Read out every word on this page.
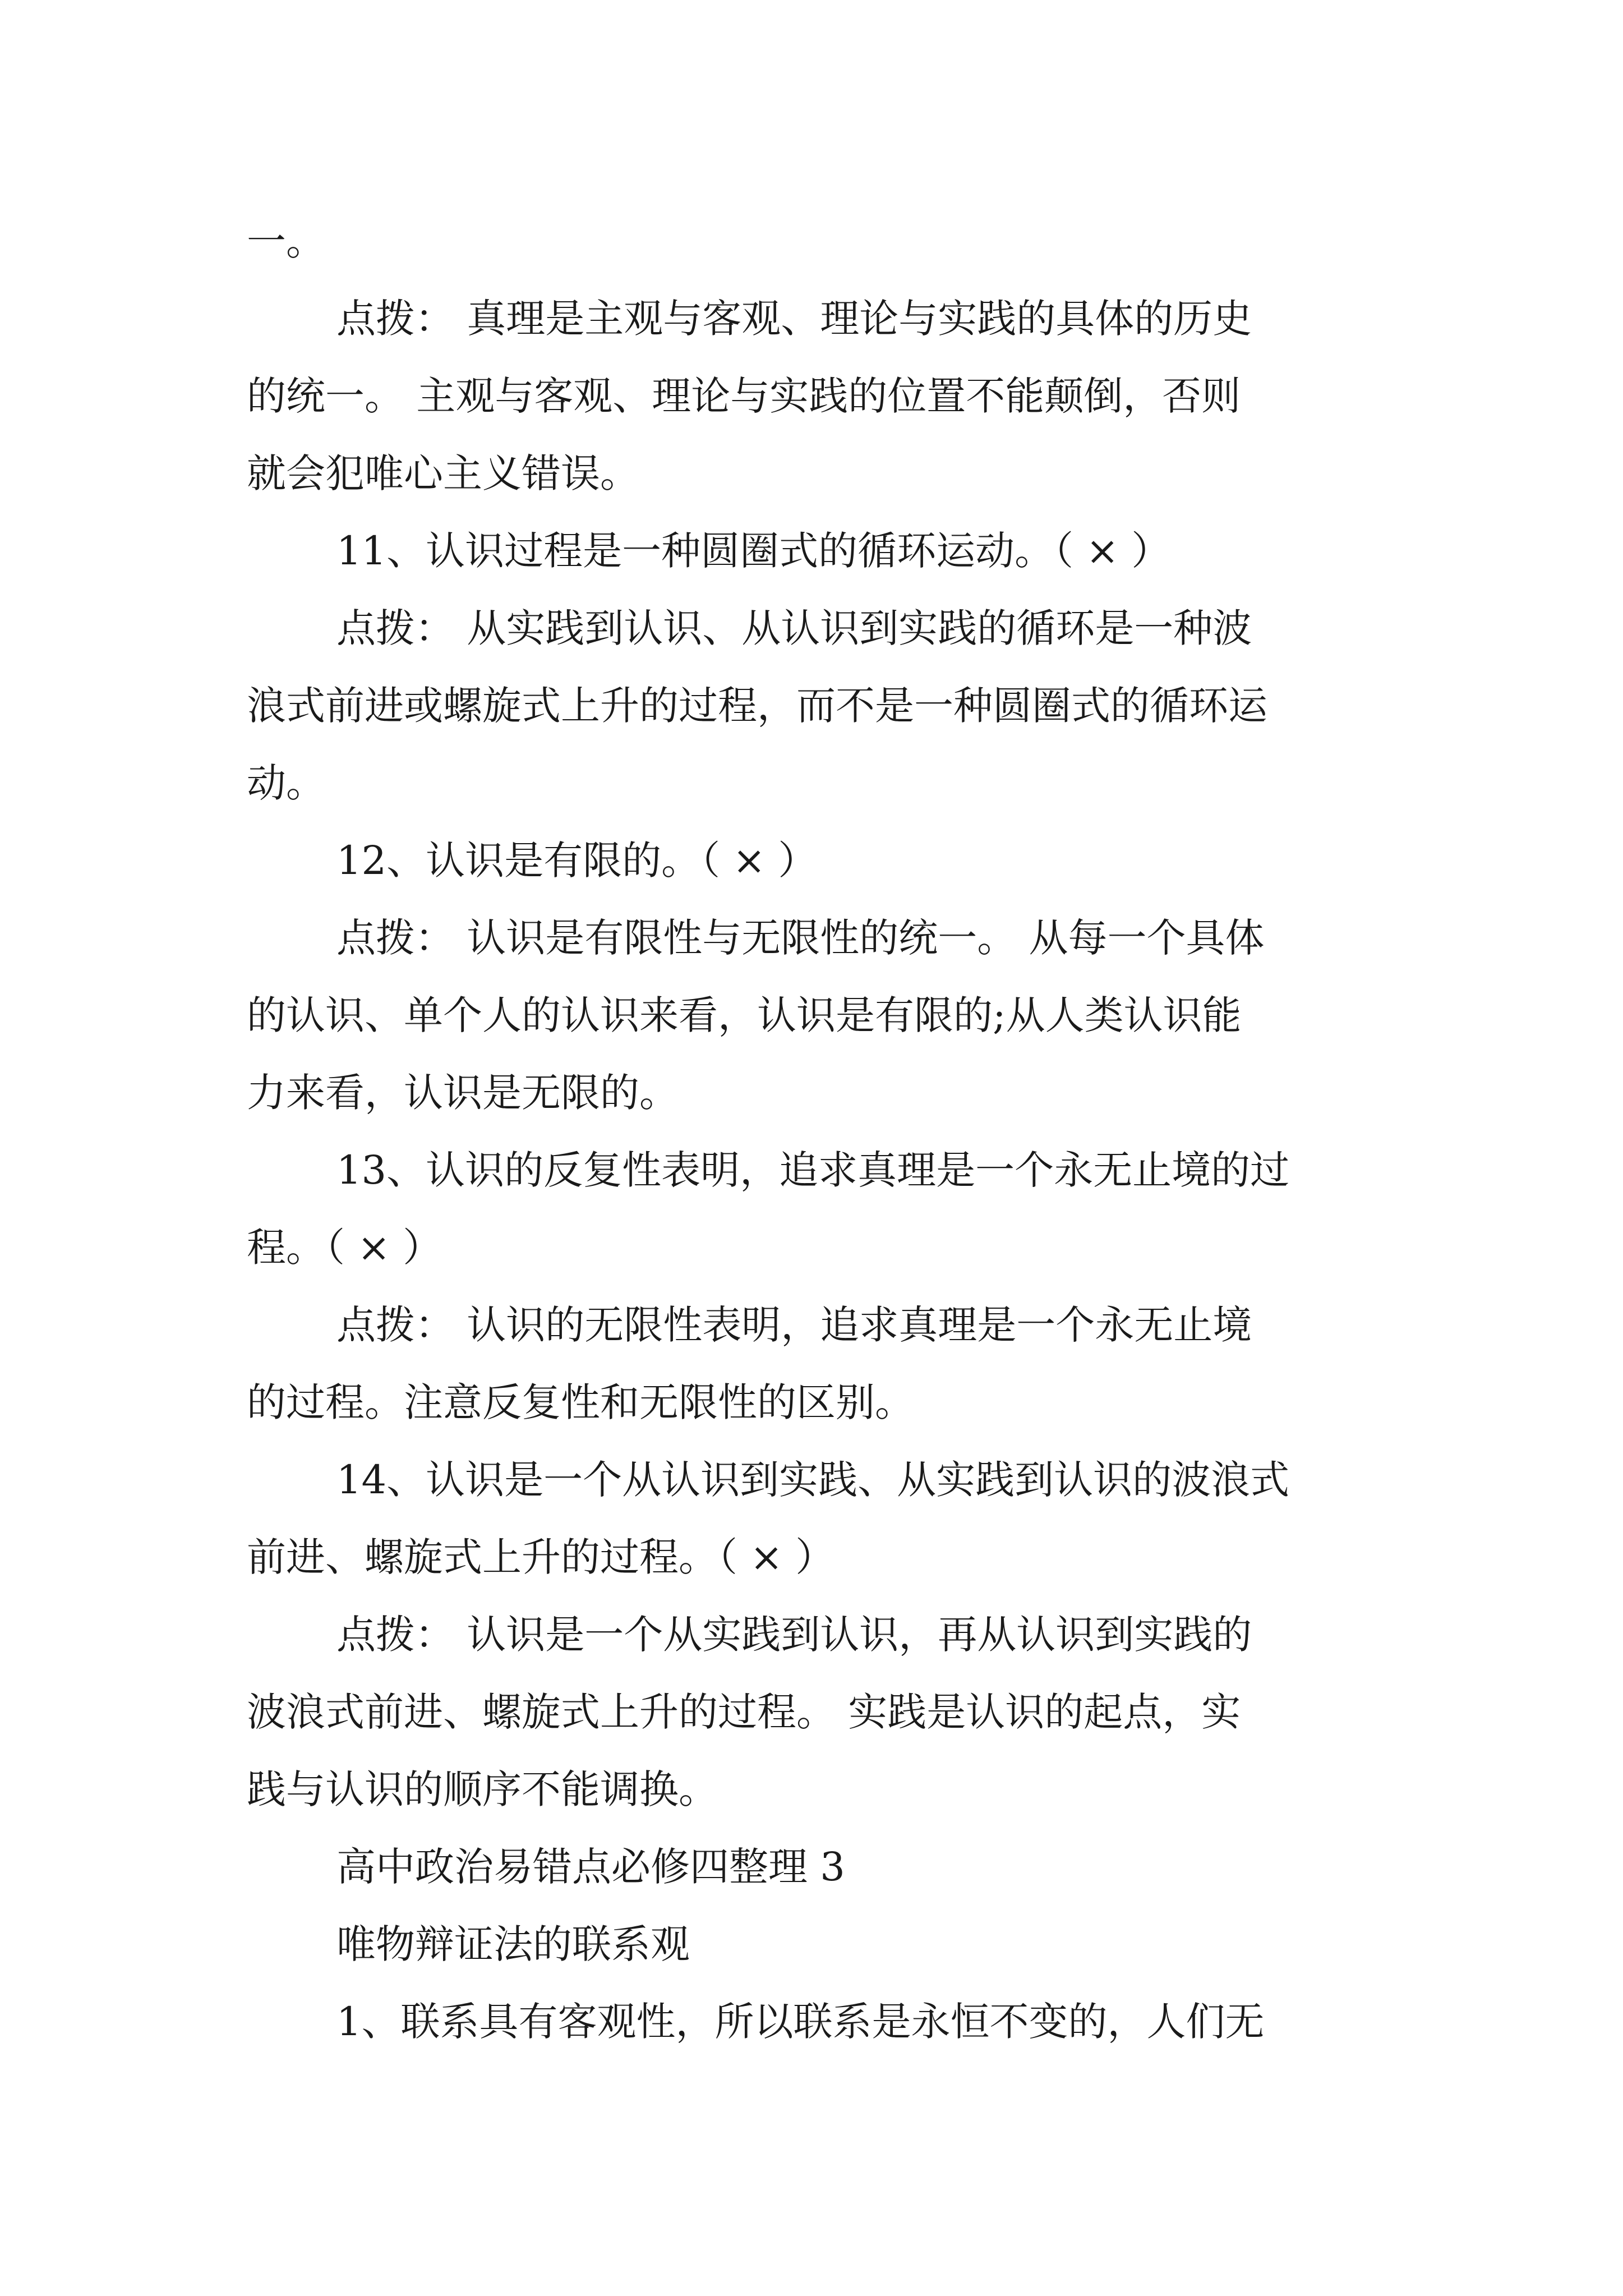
一。
点拨： 真理是主观与客观、理论与实践的具体的历史
的统一。 主观与客观、理论与实践的位置不能颠倒，否则
就会犯唯心主义错误。
11、认识过程是一种圆圈式的循环运动。（ × ）
点拨： 从实践到认识、从认识到实践的循环是一种波
浪式前进或螺旋式上升的过程，而不是一种圆圈式的循环运
动。
12、认识是有限的。（ × ）
点拨： 认识是有限性与无限性的统一。 从每一个具体
的认识、单个人的认识来看，认识是有限的;从人类认识能
力来看，认识是无限的。
13、认识的反复性表明，追求真理是一个永无止境的过
程。（ × ）
点拨： 认识的无限性表明，追求真理是一个永无止境
的过程。注意反复性和无限性的区别。
14、认识是一个从认识到实践、从实践到认识的波浪式
前进、螺旋式上升的过程。（ × ）
点拨： 认识是一个从实践到认识，再从认识到实践的
波浪式前进、螺旋式上升的过程。 实践是认识的起点，实
践与认识的顺序不能调换。
高中政治易错点必修四整理 3
唯物辩证法的联系观
1、联系具有客观性，所以联系是永恒不变的，人们无
